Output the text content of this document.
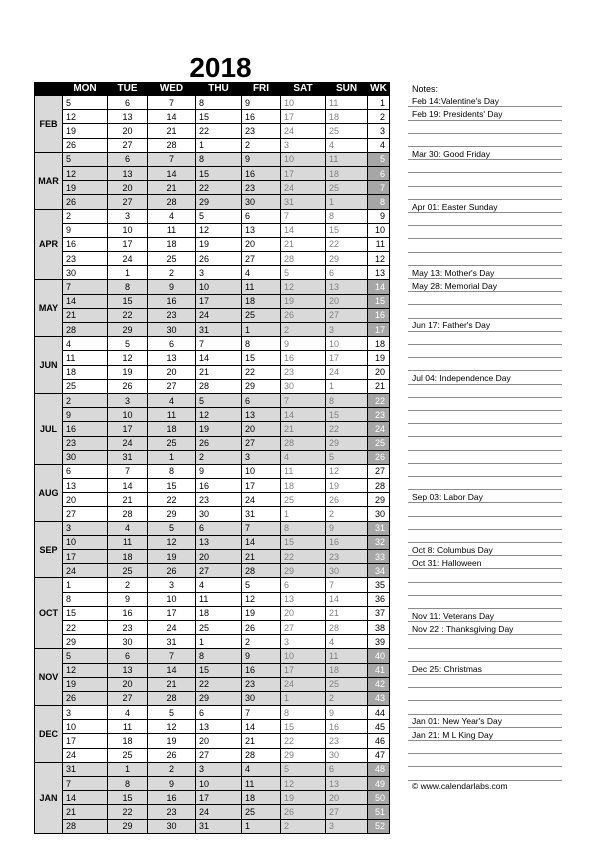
2018
	MON	TUE	WED	THU	FRI	SAT	SUN	WK
FEB	5	6	7	8	9	10	11	1
	12	13	14	15	16	17	18	2
	19	20	21	22	23	24	25	3
	26	27	28	1	2	3	4	4
MAR	5	6	7	8	9	10	11	5
	12	13	14	15	16	17	18	6
	19	20	21	22	23	24	25	7
	26	27	28	29	30	31	1	8
APR	2	3	4	5	6	7	8	9
	9	10	11	12	13	14	15	10
	16	17	18	19	20	21	22	11
	23	24	25	26	27	28	29	12
	30	1	2	3	4	5	6	13
MAY	7	8	9	10	11	12	13	14
	14	15	16	17	18	19	20	15
	21	22	23	24	25	26	27	16
	28	29	30	31	1	2	3	17
JUN	4	5	6	7	8	9	10	18
	11	12	13	14	15	16	17	19
	18	19	20	21	22	23	24	20
	25	26	27	28	29	30	1	21
JUL	2	3	4	5	6	7	8	22
	9	10	11	12	13	14	15	23
	16	17	18	19	20	21	22	24
	23	24	25	26	27	28	29	25
	30	31	1	2	3	4	5	26
AUG	6	7	8	9	10	11	12	27
	13	14	15	16	17	18	19	28
	20	21	22	23	24	25	26	29
	27	28	29	30	31	1	2	30
SEP	3	4	5	6	7	8	9	31
	10	11	12	13	14	15	16	32
	17	18	19	20	21	22	23	33
	24	25	26	27	28	29	30	34
OCT	1	2	3	4	5	6	7	35
	8	9	10	11	12	13	14	36
	15	16	17	18	19	20	21	37
	22	23	24	25	26	27	28	38
	29	30	31	1	2	3	4	39
NOV	5	6	7	8	9	10	11	40
	12	13	14	15	16	17	18	41
	19	20	21	22	23	24	25	42
	26	27	28	29	30	1	2	43
DEC	3	4	5	6	7	8	9	44
	10	11	12	13	14	15	16	45
	17	18	19	20	21	22	23	46
	24	25	26	27	28	29	30	47
JAN	31	1	2	3	4	5	6	48
	7	8	9	10	11	12	13	49
	14	15	16	17	18	19	20	50
	21	22	23	24	25	26	27	51
	28	29	30	31	1	2	3	52
Notes:
Feb 14:Valentine's Day
Feb 19: Presidents' Day
Mar 30: Good Friday
Apr 01: Easter Sunday
May 13: Mother's Day
May 28: Memorial Day
Jun 17: Father's Day
Jul 04: Independence Day
Sep 03: Labor Day
Oct 8: Columbus Day
Oct 31: Halloween
Nov 11: Veterans Day
Nov 22 : Thanksgiving Day
Dec 25: Christmas
Jan 01: New Year's Day
Jan 21: M L King Day
© www.calendarlabs.com
